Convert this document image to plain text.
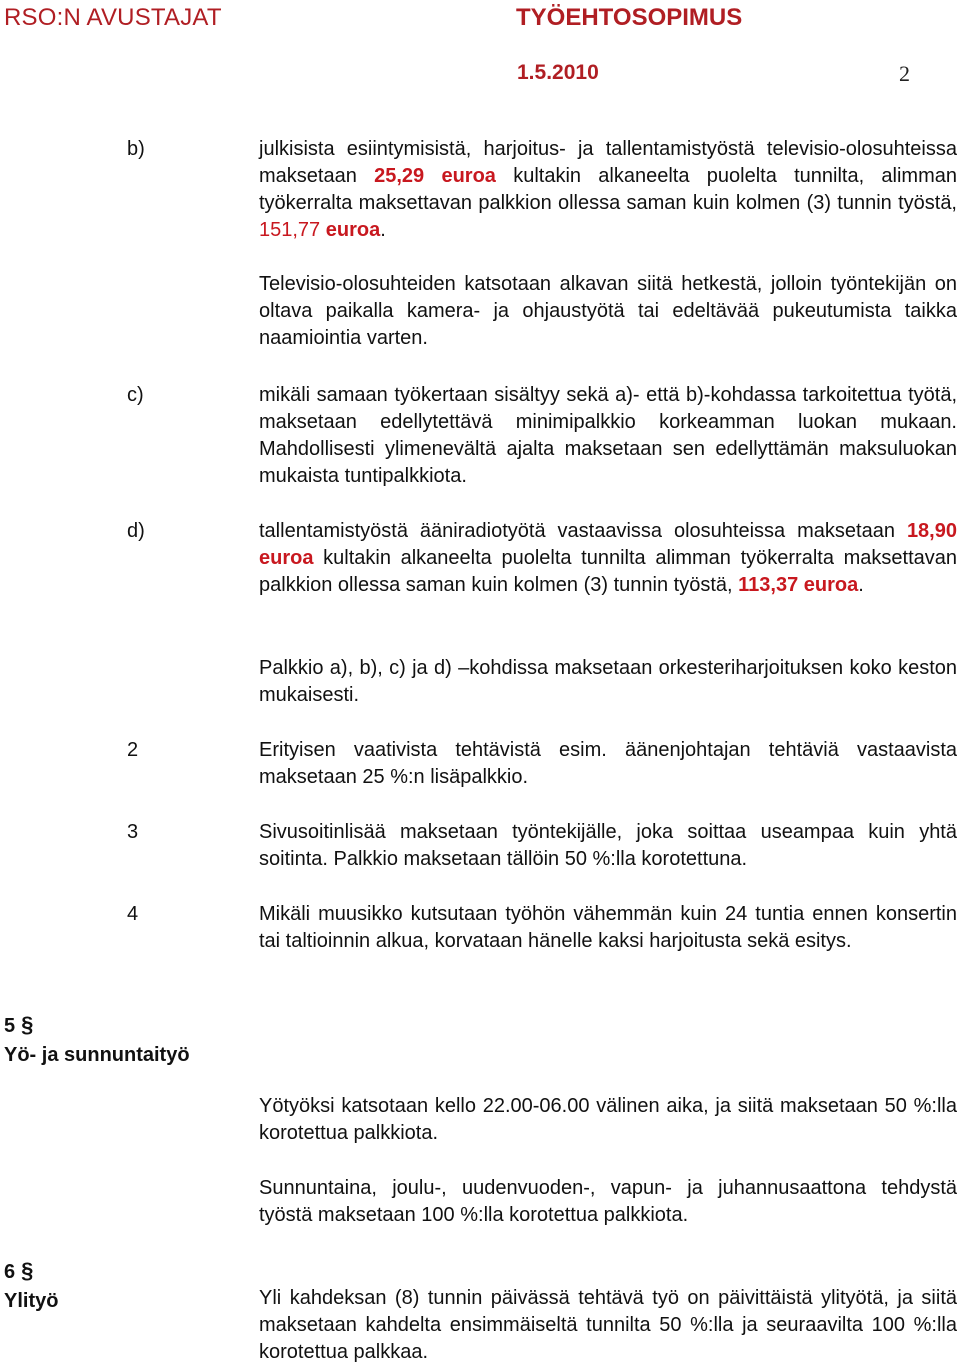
RSO:N AVUSTAJAT	TYÖEHTOSOPIMUS
1.5.2010	2
b)	julkisista esiintymisistä, harjoitus- ja tallentamistyöstä televisio-olosuhteissa maksetaan 25,29 euroa kultakin alkaneelta puolelta tunnilta, alimman työkerralta maksettavan palkkion ollessa saman kuin kolmen (3) tunnin työstä, 151,77 euroa.
Televisio-olosuhteiden katsotaan alkavan siitä hetkestä, jolloin työntekijän on oltava paikalla kamera- ja ohjaustyötä tai edeltävää pukeutumista taikka naamiointia varten.
c)	mikäli samaan työkertaan sisältyy sekä a)- että b)-kohdassa tarkoitettua työtä, maksetaan edellytettävä minimipalkkio korkeamman luokan mukaan. Mahdollisesti ylimenevältä ajalta maksetaan sen edellyttämän maksuluokan mukaista tuntipalkkiota.
d)	tallentamistyöstä ääniradiotyötä vastaavissa olosuhteissa maksetaan 18,90 euroa kultakin alkaneelta puolelta tunnilta alimman työkerralta maksettavan palkkion ollessa saman kuin kolmen (3) tunnin työstä, 113,37 euroa.
Palkkio a), b), c) ja d) –kohdissa maksetaan orkesteriharjoituksen koko keston mukaisesti.
2	Erityisen vaativista tehtävistä esim. äänenjohtajan tehtäviä vastaavista maksetaan 25 %:n lisäpalkkio.
3	Sivusoitinlisää maksetaan työntekijälle, joka soittaa useampaa kuin yhtä soitinta. Palkkio maksetaan tällöin 50 %:lla korotettuna.
4	Mikäli muusikko kutsutaan työhön vähemmän kuin 24 tuntia ennen konsertin tai taltioinnin alkua, korvataan hänelle kaksi harjoitusta sekä esitys.
5 §
Yö- ja sunnuntaityö
Yötyöksi katsotaan kello 22.00-06.00 välinen aika, ja siitä maksetaan 50 %:lla korotettua palkkiota.
Sunnuntaina, joulu-, uudenvuoden-, vapun- ja juhannusaattona tehdystä työstä maksetaan 100 %:lla korotettua palkkiota.
6 §
Ylityö	Yli kahdeksan (8) tunnin päivässä tehtävä työ on päivittäistä ylityötä, ja siitä maksetaan kahdelta ensimmäiseltä tunnilta 50 %:lla ja seuraavilta 100 %:lla korotettua palkkaa.
